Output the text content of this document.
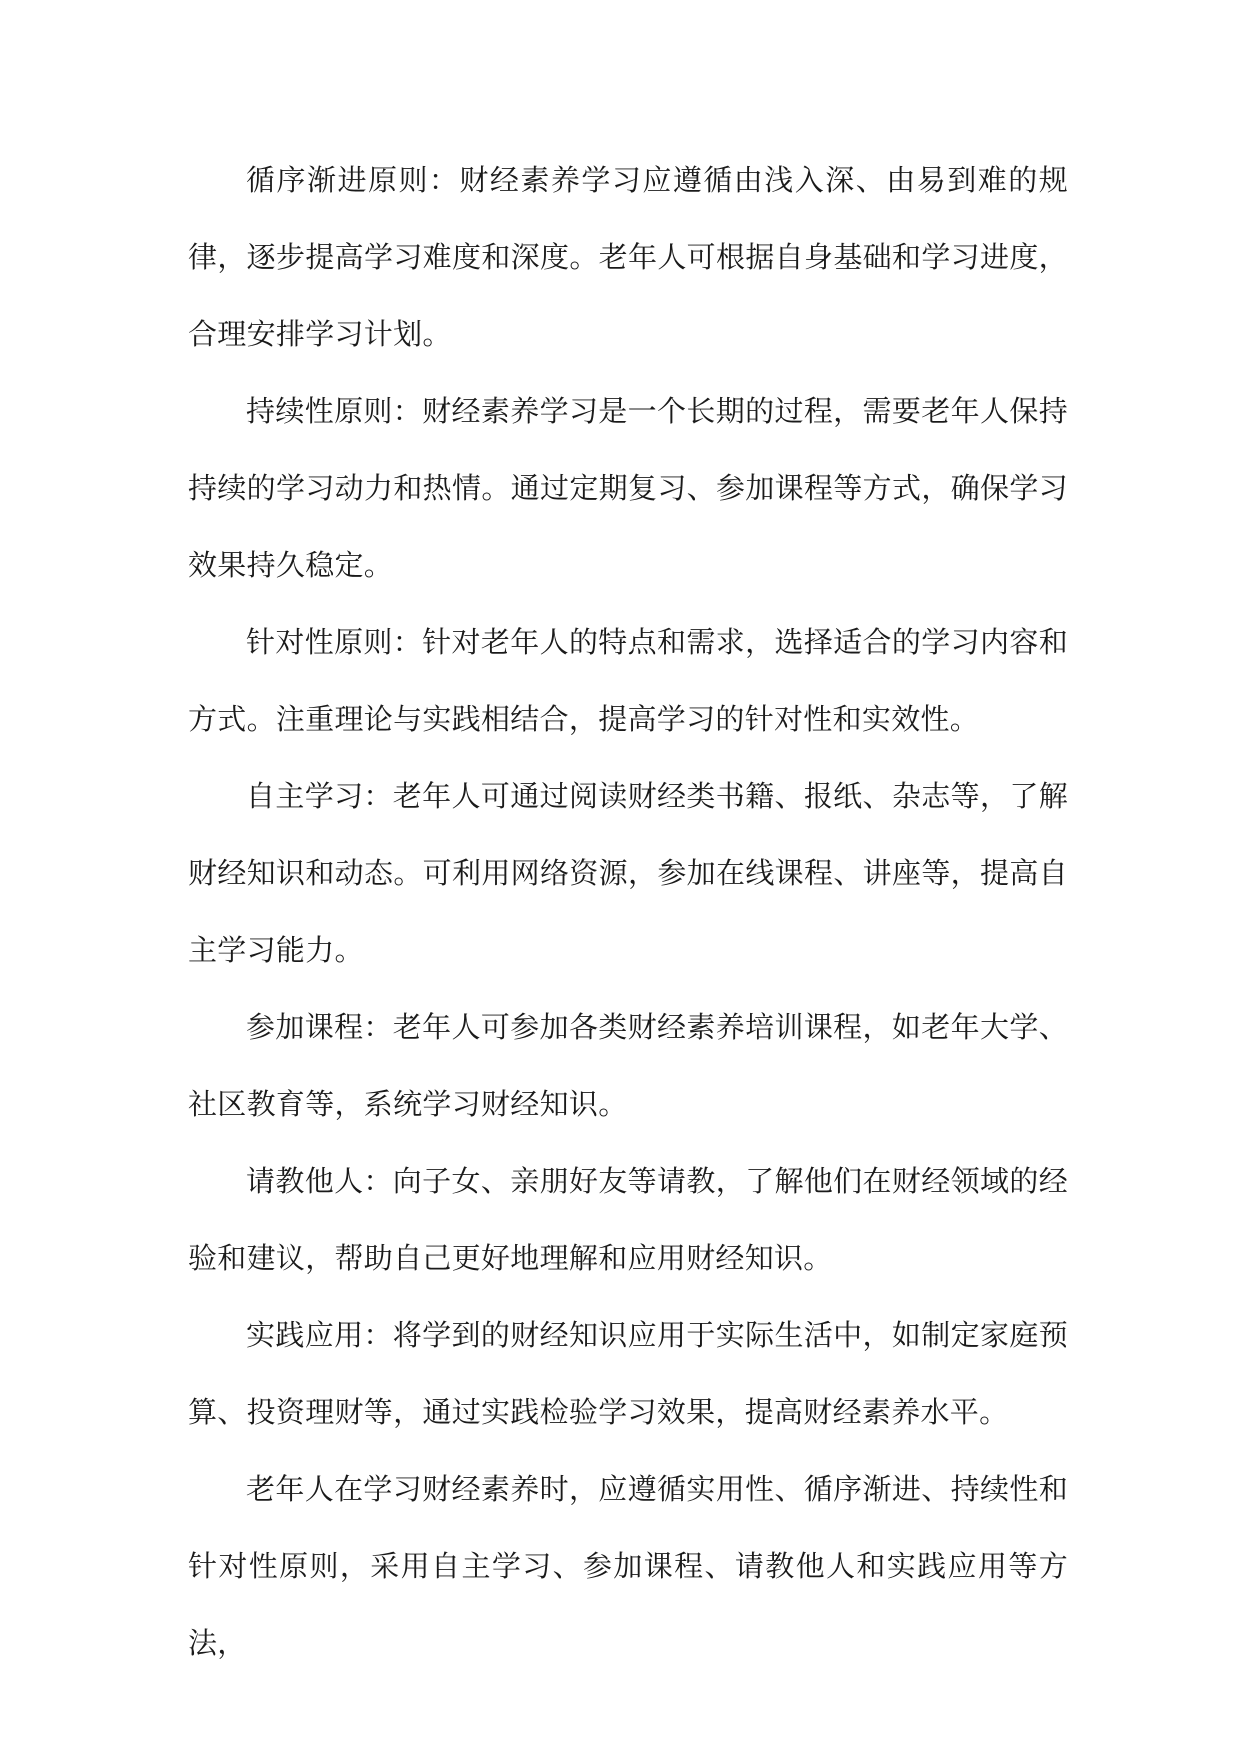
循序渐进原则：财经素养学习应遵循由浅入深、由易到难的规律，逐步提高学习难度和深度。老年人可根据自身基础和学习进度，合理安排学习计划。

持续性原则：财经素养学习是一个长期的过程，需要老年人保持持续的学习动力和热情。通过定期复习、参加课程等方式，确保学习效果持久稳定。

针对性原则：针对老年人的特点和需求，选择适合的学习内容和方式。注重理论与实践相结合，提高学习的针对性和实效性。

自主学习：老年人可通过阅读财经类书籍、报纸、杂志等，了解财经知识和动态。可利用网络资源，参加在线课程、讲座等，提高自主学习能力。

参加课程：老年人可参加各类财经素养培训课程，如老年大学、社区教育等，系统学习财经知识。

请教他人：向子女、亲朋好友等请教，了解他们在财经领域的经验和建议，帮助自己更好地理解和应用财经知识。

实践应用：将学到的财经知识应用于实际生活中，如制定家庭预算、投资理财等，通过实践检验学习效果，提高财经素养水平。

老年人在学习财经素养时，应遵循实用性、循序渐进、持续性和针对性原则，采用自主学习、参加课程、请教他人和实践应用等方法，
